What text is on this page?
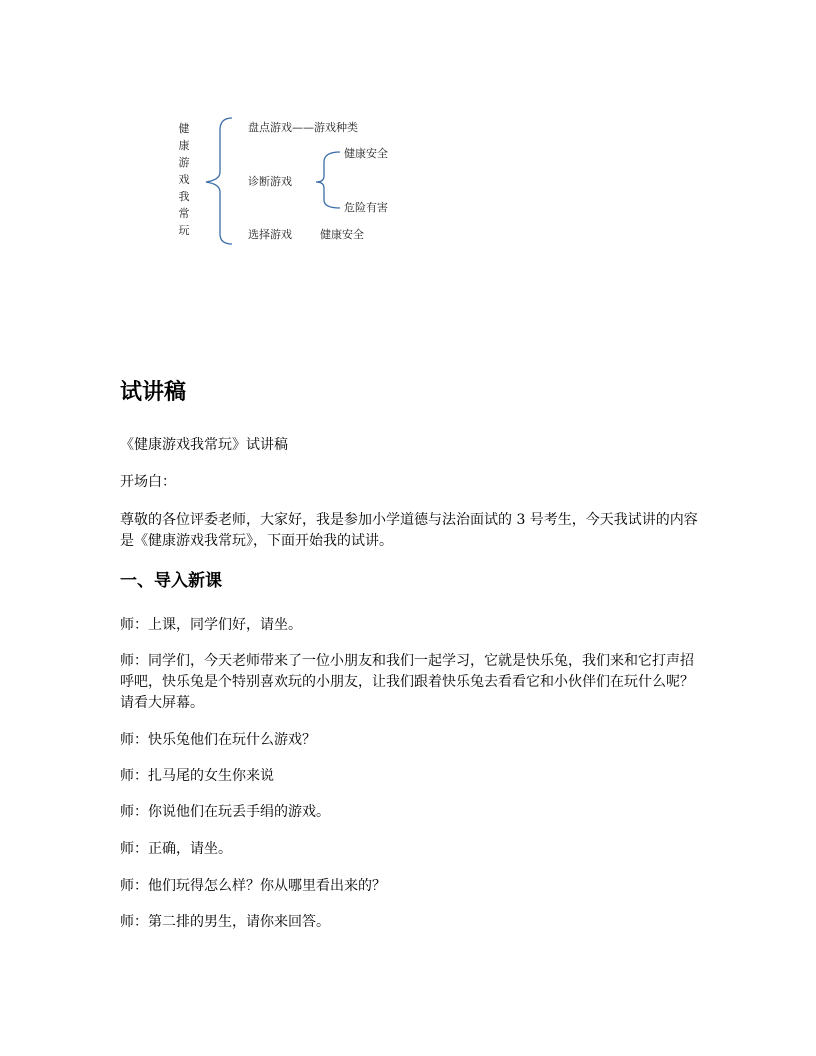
健
康
游
戏
我
常
玩
盘点游戏——游戏种类
诊断游戏
健康安全
危险有害
选择游戏	健康安全
试讲稿

《健康游戏我常玩》试讲稿

开场白：

尊敬的各位评委老师，大家好，我是参加小学道德与法治面试的 3 号考生，今天我试讲的内容是《健康游戏我常玩》，下面开始我的试讲。

一、导入新课

师：上课，同学们好，请坐。

师：同学们，今天老师带来了一位小朋友和我们一起学习，它就是快乐兔，我们来和它打声招呼吧，快乐兔是个特别喜欢玩的小朋友，让我们跟着快乐兔去看看它和小伙伴们在玩什么呢？请看大屏幕。

师：快乐兔他们在玩什么游戏？

师：扎马尾的女生你来说

师：你说他们在玩丢手绢的游戏。

师：正确，请坐。

师：他们玩得怎么样？你从哪里看出来的？

师：第二排的男生，请你来回答。
